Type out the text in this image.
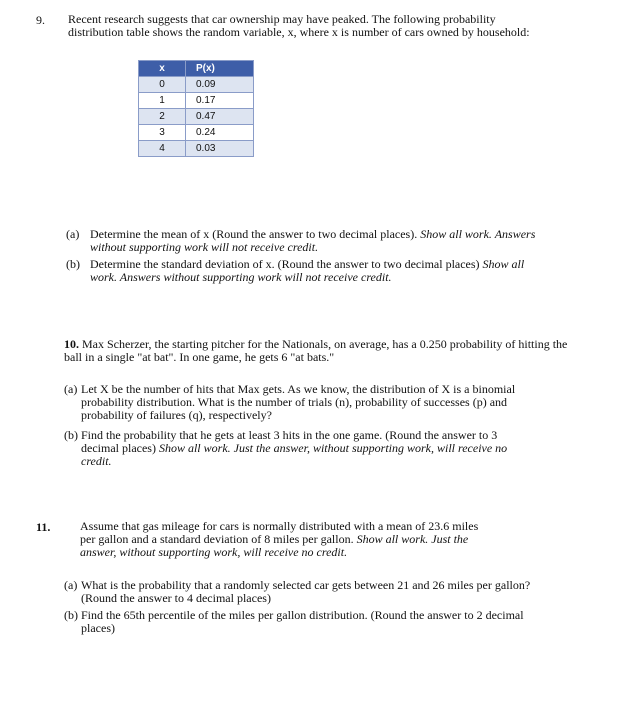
9. Recent research suggests that car ownership may have peaked. The following probability
distribution table shows the random variable, x, where x is number of cars owned by household:
x	P(x)
0	0.09
1	0.17
2	0.47
3	0.24
4	0.03
(a) Determine the mean of x (Round the answer to two decimal places). Show all work. Answers
without supporting work will not receive credit.
(b) Determine the standard deviation of x. (Round the answer to two decimal places) Show all
work. Answers without supporting work will not receive credit.
10. Max Scherzer, the starting pitcher for the Nationals, on average, has a 0.250 probability of hitting the
ball in a single "at bat". In one game, he gets 6 "at bats."
(a) Let X be the number of hits that Max gets. As we know, the distribution of X is a binomial
probability distribution. What is the number of trials (n), probability of successes (p) and
probability of failures (q), respectively?
(b) Find the probability that he gets at least 3 hits in the one game. (Round the answer to 3
decimal places) Show all work. Just the answer, without supporting work, will receive no
credit.
11. Assume that gas mileage for cars is normally distributed with a mean of 23.6 miles
per gallon and a standard deviation of 8 miles per gallon. Show all work. Just the
answer, without supporting work, will receive no credit.
(a) What is the probability that a randomly selected car gets between 21 and 26 miles per gallon?
(Round the answer to 4 decimal places)
(b) Find the 65th percentile of the miles per gallon distribution. (Round the answer to 2 decimal
places)
